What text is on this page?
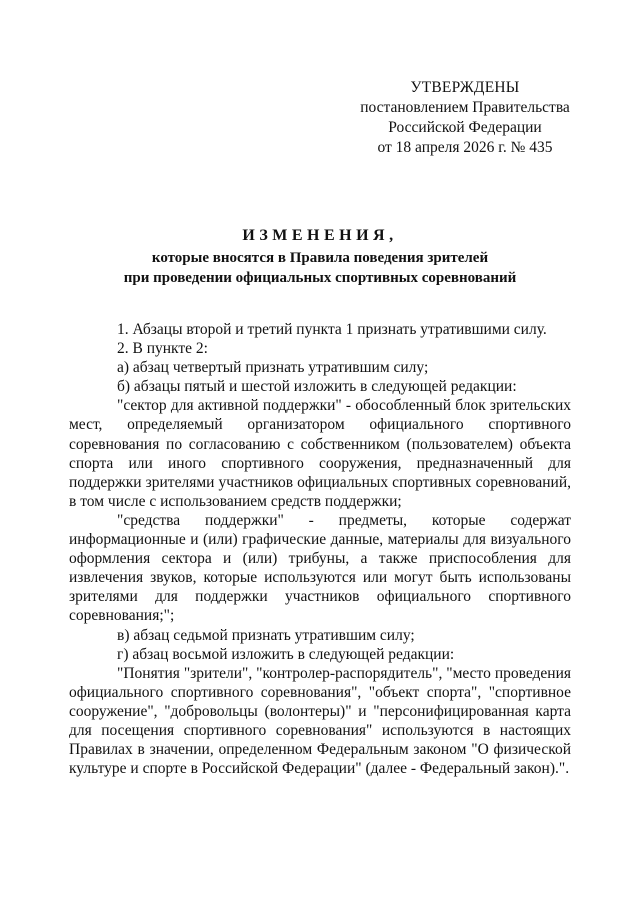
УТВЕРЖДЕНЫ
постановлением Правительства
Российской Федерации
от 18 апреля 2026 г. № 435
ИЗМЕНЕНИЯ,
которые вносятся в Правила поведения зрителей
при проведении официальных спортивных соревнований

1. Абзацы второй и третий пункта 1 признать утратившими силу.

2. В пункте 2:

а) абзац четвертый признать утратившим силу;

б) абзацы пятый и шестой изложить в следующей редакции:

"сектор для активной поддержки" - обособленный блок зрительских мест, определяемый организатором официального спортивного соревнования по согласованию с собственником (пользователем) объекта спорта или иного спортивного сооружения, предназначенный для поддержки зрителями участников официальных спортивных соревнований, в том числе с использованием средств поддержки;

"средства поддержки" - предметы, которые содержат информационные и (или) графические данные, материалы для визуального оформления сектора и (или) трибуны, а также приспособления для извлечения звуков, которые используются или могут быть использованы зрителями для поддержки участников официального спортивного соревнования;";

в) абзац седьмой признать утратившим силу;

г) абзац восьмой изложить в следующей редакции:

"Понятия "зрители", "контролер-распорядитель", "место проведения официального спортивного соревнования", "объект спорта", "спортивное сооружение", "добровольцы (волонтеры)" и "персонифицированная карта для посещения спортивного соревнования" используются в настоящих Правилах в значении, определенном Федеральным законом "О физической культуре и спорте в Российской Федерации" (далее - Федеральный закон).".
